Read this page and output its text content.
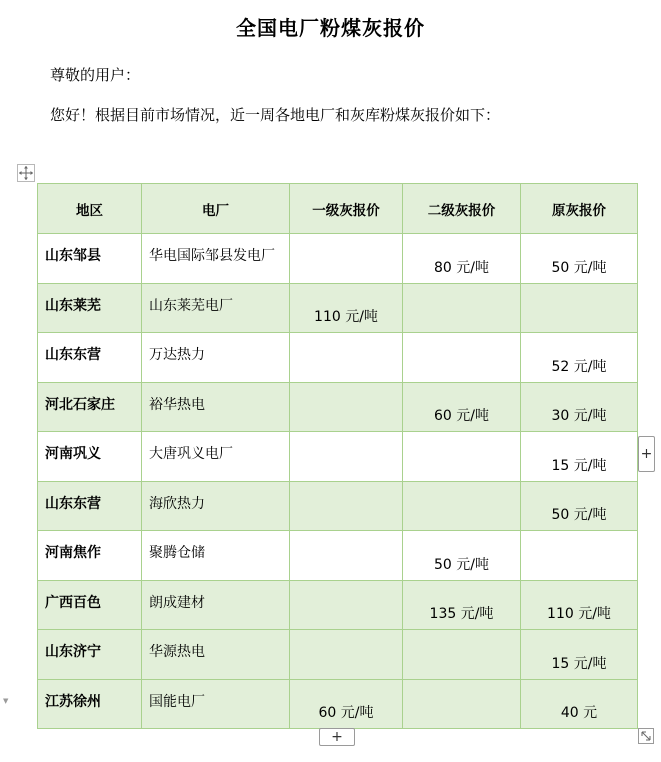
全国电厂粉煤灰报价
尊敬的用户：
您好！根据目前市场情况，近一周各地电厂和灰库粉煤灰报价如下：
地区	电厂	一级灰报价	二级灰报价	原灰报价
山东邹县	华电国际邹县发电厂		80 元/吨	50 元/吨
山东莱芜	山东莱芜电厂	110 元/吨		
山东东营	万达热力			52 元/吨
河北石家庄	裕华热电		60 元/吨	30 元/吨
河南巩义	大唐巩义电厂			15 元/吨
山东东营	海欣热力			50 元/吨
河南焦作	聚腾仓储		50 元/吨	
广西百色	朗成建材		135 元/吨	110 元/吨
山东济宁	华源热电			15 元/吨
江苏徐州	国能电厂	60 元/吨		40 元
+
+
▼
